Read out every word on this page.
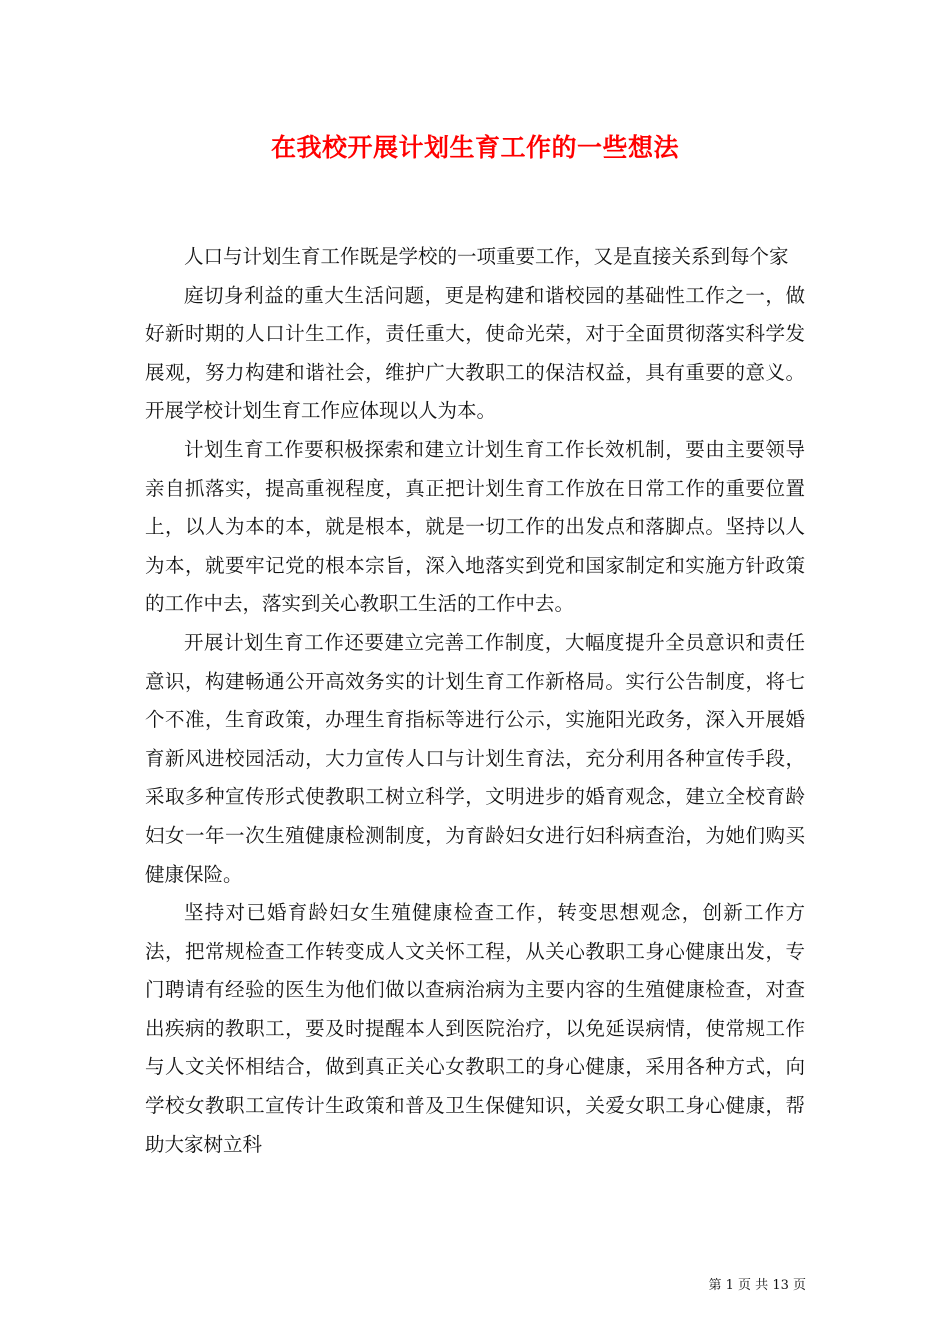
在我校开展计划生育工作的一些想法

人口与计划生育工作既是学校的一项重要工作，又是直接关系到每个家

庭切身利益的重大生活问题，更是构建和谐校园的基础性工作之一，做好新时期的人口计生工作，责任重大，使命光荣，对于全面贯彻落实科学发展观，努力构建和谐社会，维护广大教职工的保洁权益，具有重要的意义。开展学校计划生育工作应体现以人为本。

计划生育工作要积极探索和建立计划生育工作长效机制，要由主要领导亲自抓落实，提高重视程度，真正把计划生育工作放在日常工作的重要位置上，以人为本的本，就是根本，就是一切工作的出发点和落脚点。坚持以人为本，就要牢记党的根本宗旨，深入地落实到党和国家制定和实施方针政策的工作中去，落实到关心教职工生活的工作中去。

开展计划生育工作还要建立完善工作制度，大幅度提升全员意识和责任意识，构建畅通公开高效务实的计划生育工作新格局。实行公告制度，将七个不准，生育政策，办理生育指标等进行公示，实施阳光政务，深入开展婚育新风进校园活动，大力宣传人口与计划生育法，充分利用各种宣传手段，采取多种宣传形式使教职工树立科学，文明进步的婚育观念，建立全校育龄妇女一年一次生殖健康检测制度，为育龄妇女进行妇科病查治，为她们购买健康保险。

坚持对已婚育龄妇女生殖健康检查工作，转变思想观念，创新工作方法，把常规检查工作转变成人文关怀工程，从关心教职工身心健康出发，专门聘请有经验的医生为他们做以查病治病为主要内容的生殖健康检查，对查出疾病的教职工，要及时提醒本人到医院治疗，以免延误病情，使常规工作与人文关怀相结合，做到真正关心女教职工的身心健康，采用各种方式，向学校女教职工宣传计生政策和普及卫生保健知识，关爱女职工身心健康，帮助大家树立科

第 1 页 共 13 页
